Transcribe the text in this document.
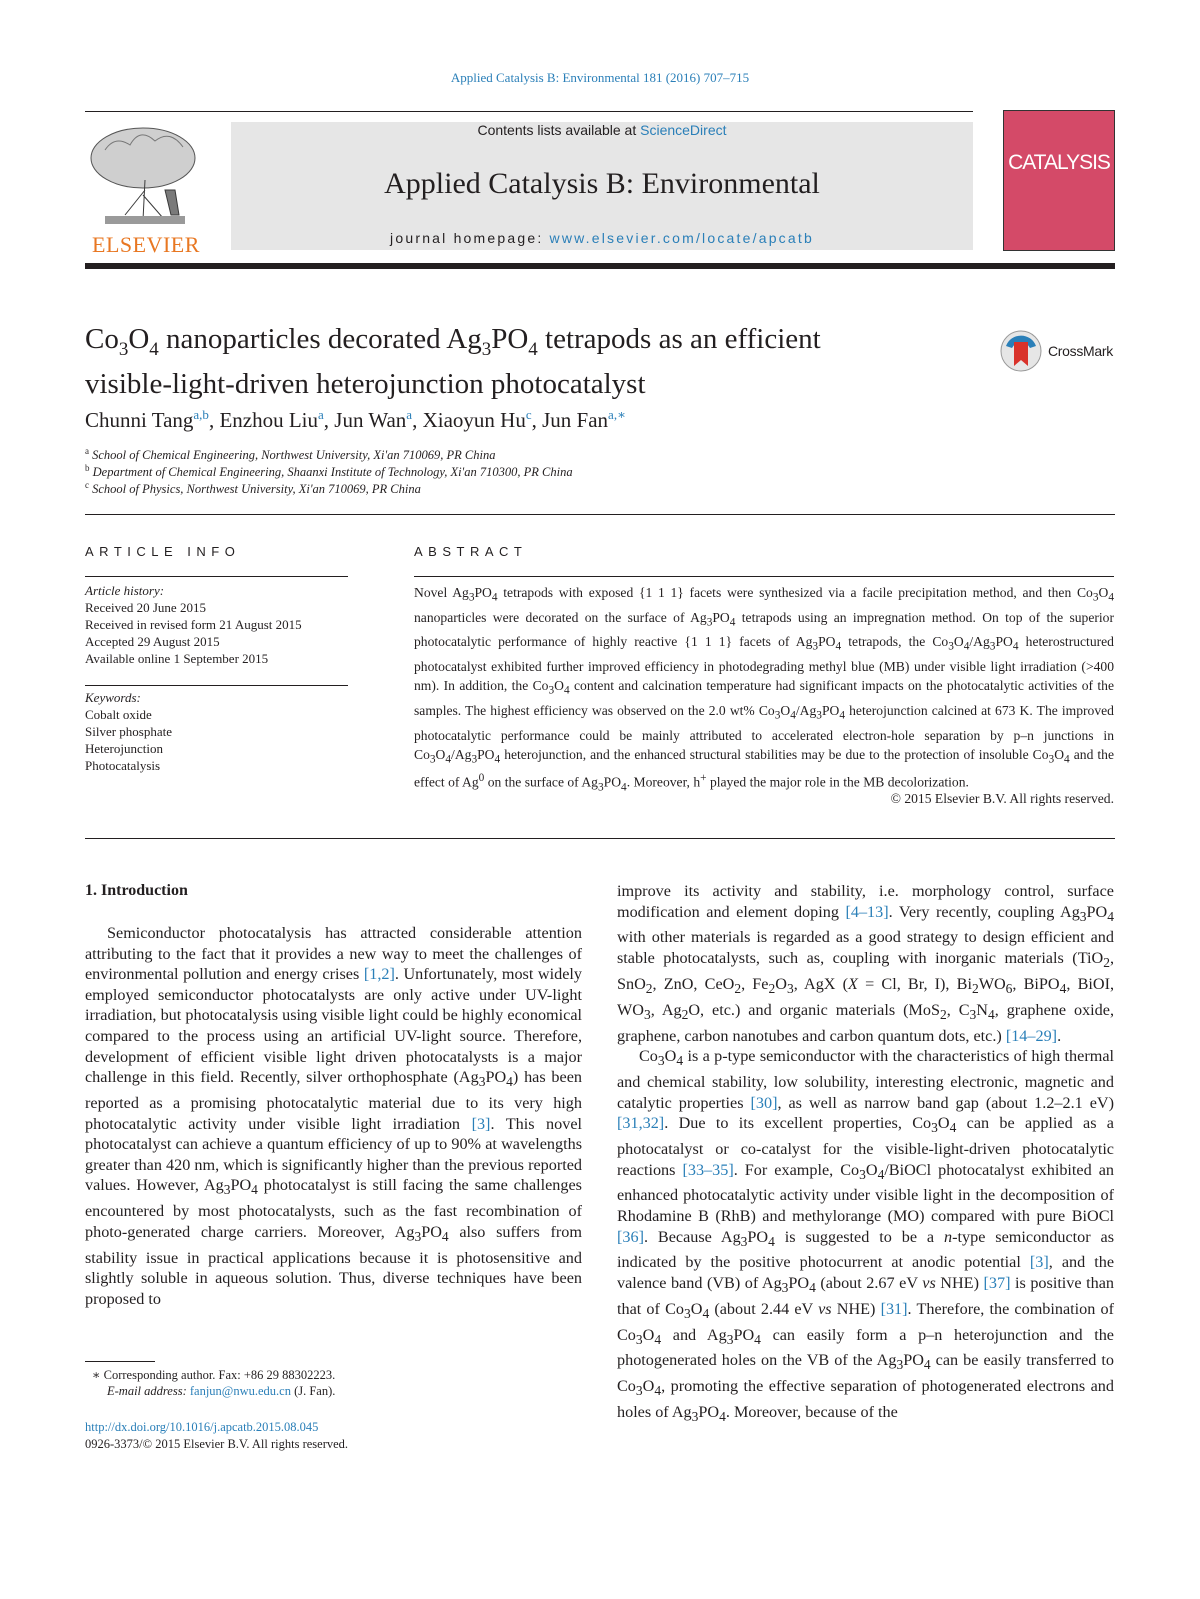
Applied Catalysis B: Environmental 181 (2016) 707–715
ELSEVIER
Contents lists available at ScienceDirect
Applied Catalysis B: Environmental
journal homepage: www.elsevier.com/locate/apcatb
CATALYSIS
$Co_3O_4$ nanoparticles decorated $Ag_3PO_4$ tetrapods as an efficient
visible-light-driven heterojunction photocatalyst
CrossMark
Chunni Tang$^{a,b}$, Enzhou Liu$^a$, Jun Wan$^a$, Xiaoyun Hu$^c$, Jun Fan$^{a,∗}$
$^a$ School of Chemical Engineering, Northwest University, Xi'an 710069, PR China
$^b$ Department of Chemical Engineering, Shaanxi Institute of Technology, Xi'an 710300, PR China
$^c$ School of Physics, Northwest University, Xi'an 710069, PR China
ARTICLE INFO
Article history:
Received 20 June 2015
Received in revised form 21 August 2015
Accepted 29 August 2015
Available online 1 September 2015
Keywords:
Cobalt oxide
Silver phosphate
Heterojunction
Photocatalysis
ABSTRACT
Novel $Ag_3PO_4$ tetrapods with exposed {1 1 1} facets were synthesized via a facile precipitation method, and then $Co_3O_4$ nanoparticles were decorated on the surface of $Ag_3PO_4$ tetrapods using an impregnation method. On top of the superior photocatalytic performance of highly reactive {1 1 1} facets of $Ag_3PO_4$ tetrapods, the $Co_3O_4/Ag_3PO_4$ heterostructured photocatalyst exhibited further improved efficiency in photodegrading methyl blue (MB) under visible light irradiation (>400 nm). In addition, the $Co_3O_4$ content and calcination temperature had significant impacts on the photocatalytic activities of the samples. The highest efficiency was observed on the 2.0 wt% $Co_3O_4/Ag_3PO_4$ heterojunction calcined at 673 K. The improved photocatalytic performance could be mainly attributed to accelerated electron-hole separation by p–n junctions in $Co_3O_4/Ag_3PO_4$ heterojunction, and the enhanced structural stabilities may be due to the protection of insoluble $Co_3O_4$ and the effect of Ag$^0$ on the surface of $Ag_3PO_4$. Moreover, h+ played the major role in the MB decolorization.
© 2015 Elsevier B.V. All rights reserved.
1. Introduction

Semiconductor photocatalysis has attracted considerable attention attributing to the fact that it provides a new way to meet the challenges of environmental pollution and energy crises [1,2]. Unfortunately, most widely employed semiconductor photocatalysts are only active under UV-light irradiation, but photocatalysis using visible light could be highly economical compared to the process using an artificial UV-light source. Therefore, development of efficient visible light driven photocatalysts is a major challenge in this field. Recently, silver orthophosphate $(Ag_3PO_4)$ has been reported as a promising photocatalytic material due to its very high photocatalytic activity under visible light irradiation [3]. This novel photocatalyst can achieve a quantum efficiency of up to 90% at wavelengths greater than 420 nm, which is significantly higher than the previous reported values. However, $Ag_3PO_4$ photocatalyst is still facing the same challenges encountered by most photocatalysts, such as the fast recombination of photo-generated charge carriers. Moreover, $Ag_3PO_4$ also suffers from stability issue in practical applications because it is photosensitive and slightly soluble in aqueous solution. Thus, diverse techniques have been proposed to

improve its activity and stability, i.e. morphology control, surface modification and element doping [4–13]. Very recently, coupling $Ag_3PO_4$ with other materials is regarded as a good strategy to design efficient and stable photocatalysts, such as, coupling with inorganic materials (TiO$_2$, SnO$_2$, ZnO, CeO$_2$, $Fe_2O_3$, AgX (X = Cl, Br, I), $Bi_2WO_6$, BiPO$_4$, BiOI, $WO_3$, $Ag_2O$, etc.) and organic materials (MoS$_2$, $C_3N_4$, graphene oxide, graphene, carbon nanotubes and carbon quantum dots, etc.) [14–29].

$Co_3O_4$ is a p-type semiconductor with the characteristics of high thermal and chemical stability, low solubility, interesting electronic, magnetic and catalytic properties [30], as well as narrow band gap (about 1.2–2.1 eV) [31,32]. Due to its excellent properties, $Co_3O_4$ can be applied as a photocatalyst or co-catalyst for the visible-light-driven photocatalytic reactions [33–35]. For example, $Co_3O_4$/BiOCl photocatalyst exhibited an enhanced photocatalytic activity under visible light in the decomposition of Rhodamine B (RhB) and methylorange (MO) compared with pure BiOCl [36]. Because $Ag_3PO_4$ is suggested to be a n-type semiconductor as indicated by the positive photocurrent at anodic potential [3], and the valence band (VB) of $Ag_3PO_4$ (about 2.67 eV vs NHE) [37] is positive than that of $Co_3O_4$ (about 2.44 eV vs NHE) [31]. Therefore, the combination of $Co_3O_4$ and $Ag_3PO_4$ can easily form a p–n heterojunction and the photogenerated holes on the VB of the $Ag_3PO_4$ can be easily transferred to $Co_3O_4$, promoting the effective separation of photogenerated electrons and holes of $Ag_3PO_4$. Moreover, because of the

∗ Corresponding author. Fax: +86 29 88302223.
E-mail address: fanjun@nwu.edu.cn (J. Fan).
http://dx.doi.org/10.1016/j.apcatb.2015.08.045
0926-3373/© 2015 Elsevier B.V. All rights reserved.
